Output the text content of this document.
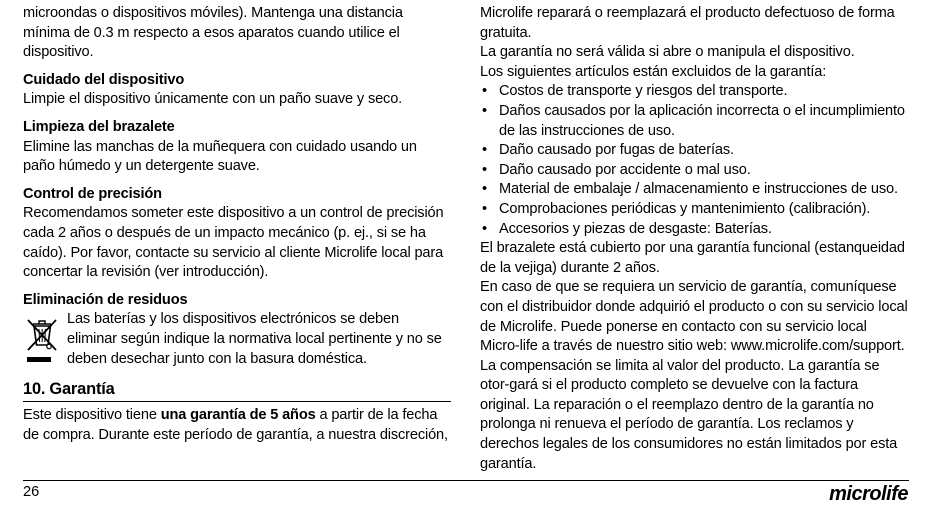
microondas o dispositivos móviles). Mantenga una distancia mínima de 0.3 m respecto a esos aparatos cuando utilice el dispositivo.

Cuidado del dispositivo

Limpie el dispositivo únicamente con un paño suave y seco.

Limpieza del brazalete

Elimine las manchas de la muñequera con cuidado usando un paño húmedo y un detergente suave.

Control de precisión

Recomendamos someter este dispositivo a un control de precisión cada 2 años o después de un impacto mecánico (p. ej., si se ha caído). Por favor, contacte su servicio al cliente Microlife local para concertar la revisión (ver introducción).

Eliminación de residuos

Las baterías y los dispositivos electrónicos se deben eliminar según indique la normativa local pertinente y no se deben desechar junto con la basura doméstica.

10. Garantía

Este dispositivo tiene una garantía de 5 años a partir de la fecha de compra. Durante este período de garantía, a nuestra discreción,

Microlife reparará o reemplazará el producto defectuoso de forma gratuita.

La garantía no será válida si abre o manipula el dispositivo.

Los siguientes artículos están excluidos de la garantía:

• Costos de transporte y riesgos del transporte.
• Daños causados por la aplicación incorrecta o el incumplimiento de las instrucciones de uso.
• Daño causado por fugas de baterías.
• Daño causado por accidente o mal uso.
• Material de embalaje / almacenamiento e instrucciones de uso.
• Comprobaciones periódicas y mantenimiento (calibración).
• Accesorios y piezas de desgaste: Baterías.

El brazalete está cubierto por una garantía funcional (estanqueidad de la vejiga) durante 2 años.

En caso de que se requiera un servicio de garantía, comuníquese con el distribuidor donde adquirió el producto o con su servicio local de Microlife. Puede ponerse en contacto con su servicio local Micro-life a través de nuestro sitio web: www.microlife.com/support.

La compensación se limita al valor del producto. La garantía se otor-gará si el producto completo se devuelve con la factura original. La reparación o el reemplazo dentro de la garantía no prolonga ni renueva el período de garantía. Los reclamos y derechos legales de los consumidores no están limitados por esta garantía.

26	microlife
